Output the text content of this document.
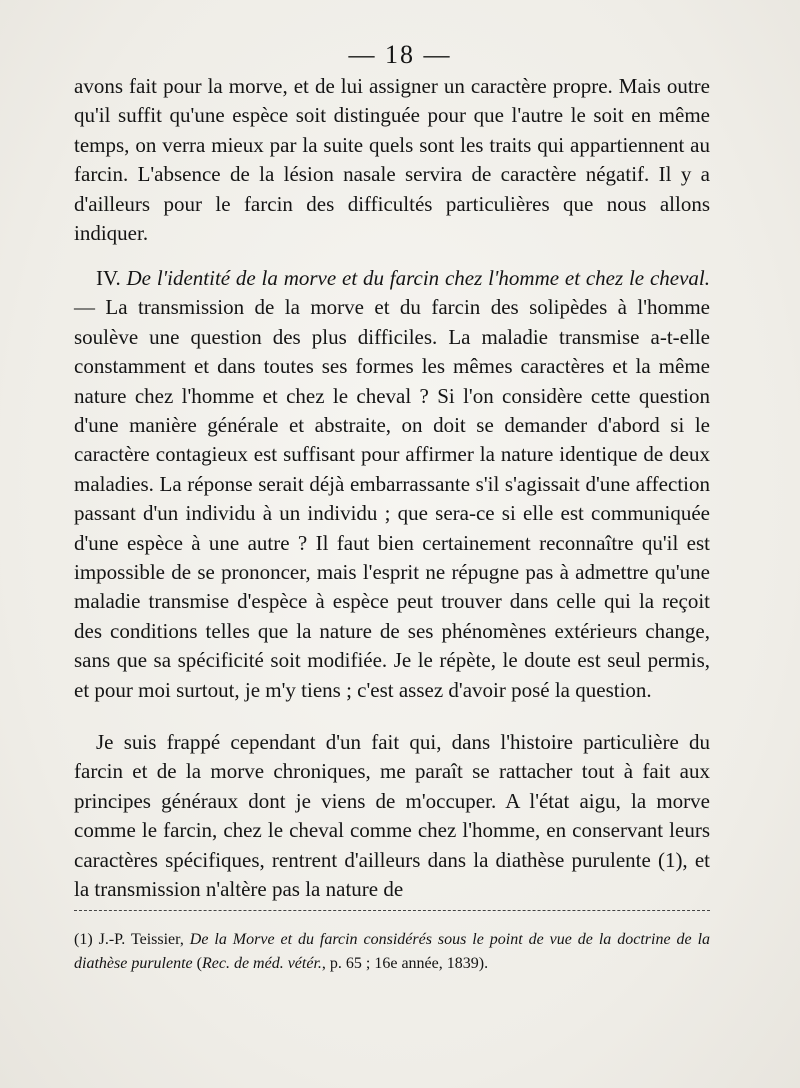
— 18 —

avons fait pour la morve, et de lui assigner un caractère propre. Mais outre qu'il suffit qu'une espèce soit distinguée pour que l'autre le soit en même temps, on verra mieux par la suite quels sont les traits qui appartiennent au farcin. L'absence de la lésion nasale servira de caractère négatif. Il y a d'ailleurs pour le farcin des difficultés particulières que nous allons indiquer.

IV. De l'identité de la morve et du farcin chez l'homme et chez le cheval. — La transmission de la morve et du farcin des solipèdes à l'homme soulève une question des plus difficiles. La maladie transmise a-t-elle constamment et dans toutes ses formes les mêmes caractères et la même nature chez l'homme et chez le cheval ? Si l'on considère cette question d'une manière générale et abstraite, on doit se demander d'abord si le caractère contagieux est suffisant pour affirmer la nature identique de deux maladies. La réponse serait déjà embarrassante s'il s'agissait d'une affection passant d'un individu à un individu ; que sera-ce si elle est communiquée d'une espèce à une autre ? Il faut bien certainement reconnaître qu'il est impossible de se prononcer, mais l'esprit ne répugne pas à admettre qu'une maladie transmise d'espèce à espèce peut trouver dans celle qui la reçoit des conditions telles que la nature de ses phénomènes extérieurs change, sans que sa spécificité soit modifiée. Je le répète, le doute est seul permis, et pour moi surtout, je m'y tiens ; c'est assez d'avoir posé la question.

Je suis frappé cependant d'un fait qui, dans l'histoire particulière du farcin et de la morve chroniques, me paraît se rattacher tout à fait aux principes généraux dont je viens de m'occuper. A l'état aigu, la morve comme le farcin, chez le cheval comme chez l'homme, en conservant leurs caractères spécifiques, rentrent d'ailleurs dans la diathèse purulente (1), et la transmission n'altère pas la nature de

(1) J.-P. Teissier, De la Morve et du farcin considérés sous le point de vue de la doctrine de la diathèse purulente (Rec. de méd. vétér., p. 65 ; 16e année, 1839).
